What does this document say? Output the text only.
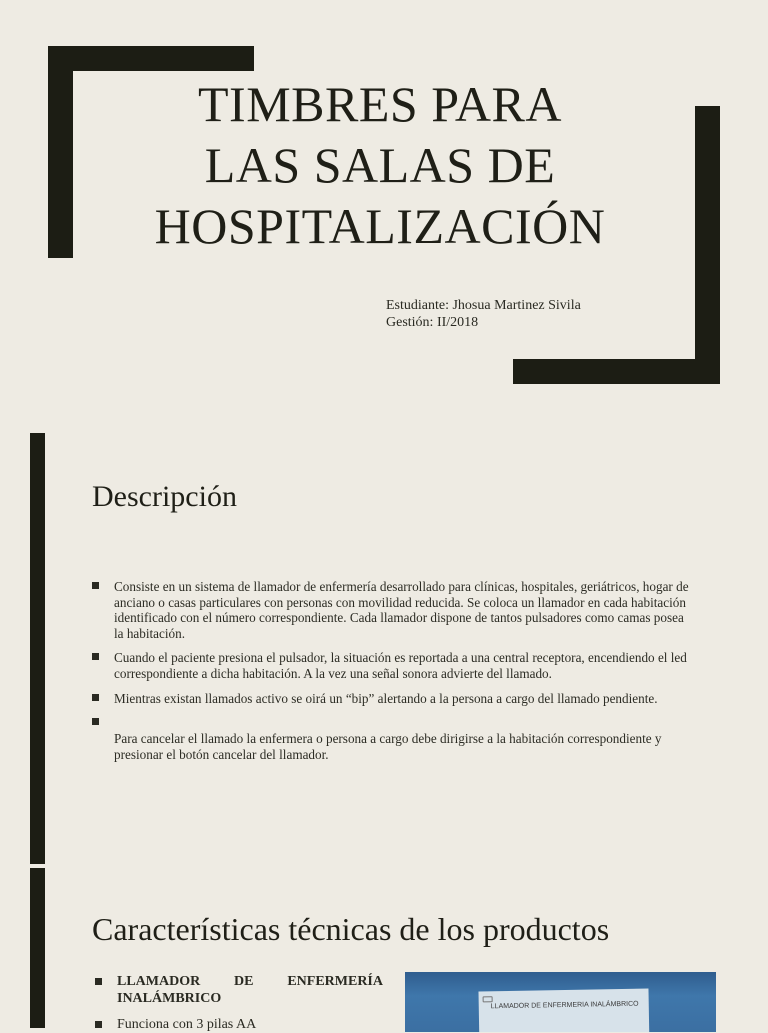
TIMBRES PARA
LAS SALAS DE
HOSPITALIZACIÓN
Estudiante: Jhosua Martinez Sivila
Gestión: II/2018
Descripción
Consiste en un sistema de llamador de enfermería desarrollado para clínicas, hospitales, geriátricos, hogar de anciano o casas particulares con personas con movilidad reducida. Se coloca un llamador en cada habitación identificado con el número correspondiente. Cada llamador dispone de tantos pulsadores como camas posea la habitación.
Cuando el paciente presiona el pulsador, la situación es reportada a una central receptora, encendiendo el led correspondiente a dicha habitación. A la vez una señal sonora advierte del llamado.
Mientras existan llamados activo se oirá un “bip” alertando a la persona a cargo del llamado pendiente.
Para cancelar el llamado la enfermera o persona a cargo debe dirigirse a la habitación correspondiente y presionar el botón cancelar del llamador.
Características técnicas de los productos
LLAMADOR DE ENFERMERÍA INALÁMBRICO
Funciona con 3 pilas AA
LLAMADOR DE ENFERMERIA INALÁMBRICO
